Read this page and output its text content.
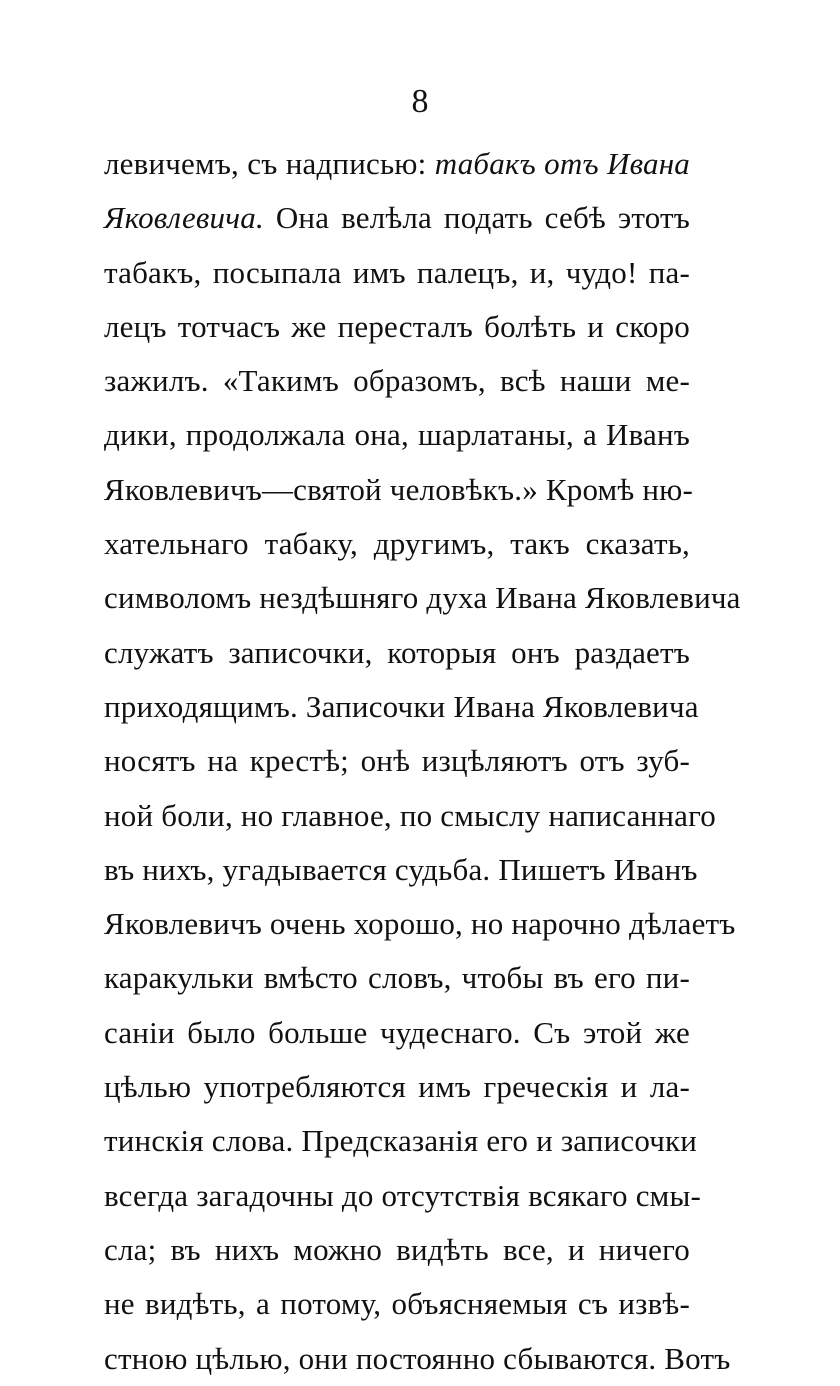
8
левичемъ, съ надписью: табакъ отъ Ивана
Яковлевича. Она велѣла подать себѣ этотъ
табакъ, посыпала имъ палецъ, и, чудо! па-
лецъ тотчасъ же пересталъ болѣть и скоро
зажилъ. «Такимъ образомъ, всѣ наши ме-
дики, продолжала она, шарлатаны, а Иванъ
Яковлевичъ—святой человѣкъ.» Кромѣ ню-
хательнаго табаку, другимъ, такъ сказать,
символомъ нездѣшняго духа Ивана Яковлевича
служатъ записочки, которыя онъ раздаетъ
приходящимъ. Записочки Ивана Яковлевича
носятъ на крестѣ; онѣ изцѣляютъ отъ зуб-
ной боли, но главное, по смыслу написаннаго
въ нихъ, угадывается судьба. Пишетъ Иванъ
Яковлевичъ очень хорошо, но нарочно дѣлаетъ
каракульки вмѣсто словъ, чтобы въ его пи-
саніи было больше чудеснаго. Съ этой же
цѣлью употребляются имъ греческія и ла-
тинскія слова. Предсказанія его и записочки
всегда загадочны до отсутствія всякаго смы-
сла; въ нихъ можно видѣть все, и ничего
не видѣть, а потому, объясняемыя съ извѣ-
стною цѣлью, они постоянно сбываются. Вотъ
